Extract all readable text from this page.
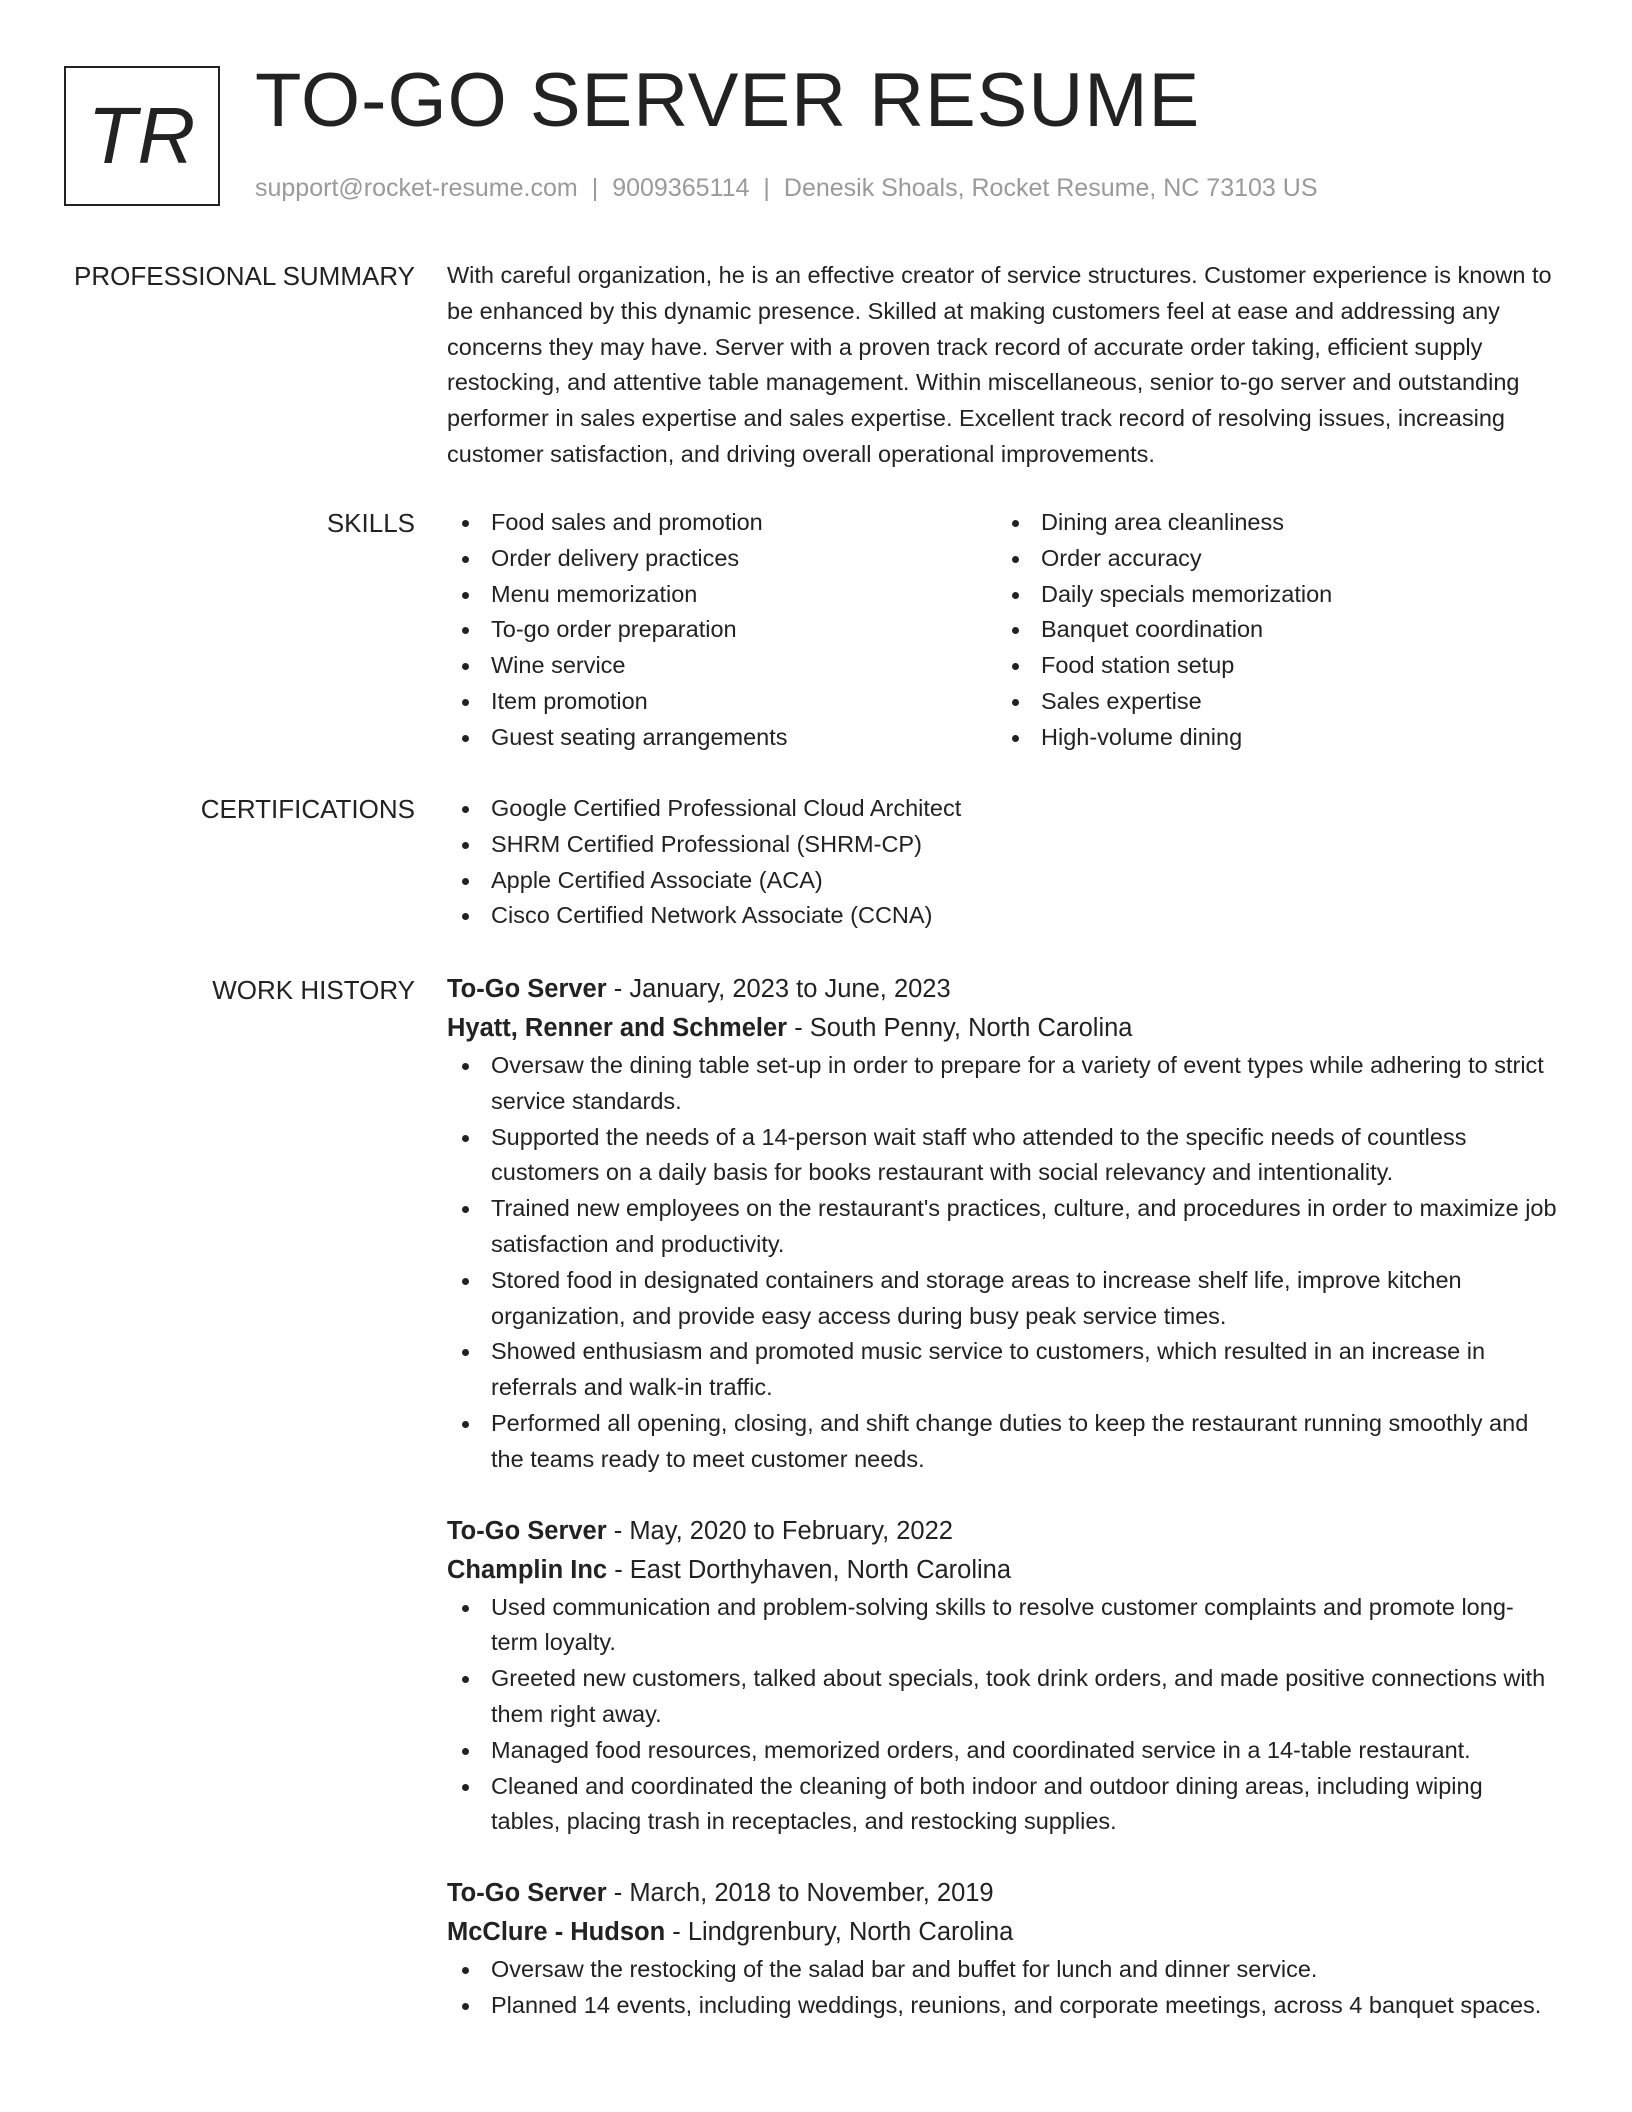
TR TO-GO SERVER RESUME
support@rocket-resume.com | 9009365114 | Denesik Shoals, Rocket Resume, NC 73103 US
PROFESSIONAL SUMMARY With careful organization, he is an effective creator of service structures. Customer experience is known to be enhanced by this dynamic presence. Skilled at making customers feel at ease and addressing any concerns they may have. Server with a proven track record of accurate order taking, efficient supply restocking, and attentive table management. Within miscellaneous, senior to-go server and outstanding performer in sales expertise and sales expertise. Excellent track record of resolving issues, increasing customer satisfaction, and driving overall operational improvements.

SKILLS	Food sales and promotion
Order delivery practices
Menu memorization
To-go order preparation
Wine service
Item promotion
Guest seating arrangements
Dining area cleanliness
Order accuracy
Daily specials memorization
Banquet coordination
Food station setup
Sales expertise
High-volume dining
CERTIFICATIONS	Google Certified Professional Cloud Architect
SHRM Certified Professional (SHRM-CP)
Apple Certified Associate (ACA)
Cisco Certified Network Associate (CCNA)
WORK HISTORY To-Go Server - January, 2023 to June, 2023
Hyatt, Renner and Schmeler - South Penny, North Carolina
Oversaw the dining table set-up in order to prepare for a variety of event types while adhering to strict service standards.
Supported the needs of a 14-person wait staff who attended to the specific needs of countless customers on a daily basis for books restaurant with social relevancy and intentionality.
Trained new employees on the restaurant's practices, culture, and procedures in order to maximize job satisfaction and productivity.
Stored food in designated containers and storage areas to increase shelf life, improve kitchen organization, and provide easy access during busy peak service times.
Showed enthusiasm and promoted music service to customers, which resulted in an increase in referrals and walk-in traffic.
Performed all opening, closing, and shift change duties to keep the restaurant running smoothly and the teams ready to meet customer needs.
To-Go Server - May, 2020 to February, 2022
Champlin Inc - East Dorthyhaven, North Carolina
Used communication and problem-solving skills to resolve customer complaints and promote long-term loyalty.
Greeted new customers, talked about specials, took drink orders, and made positive connections with them right away.
Managed food resources, memorized orders, and coordinated service in a 14-table restaurant.
Cleaned and coordinated the cleaning of both indoor and outdoor dining areas, including wiping tables, placing trash in receptacles, and restocking supplies.
To-Go Server - March, 2018 to November, 2019
McClure - Hudson - Lindgrenbury, North Carolina
Oversaw the restocking of the salad bar and buffet for lunch and dinner service.
Planned 14 events, including weddings, reunions, and corporate meetings, across 4 banquet spaces.
